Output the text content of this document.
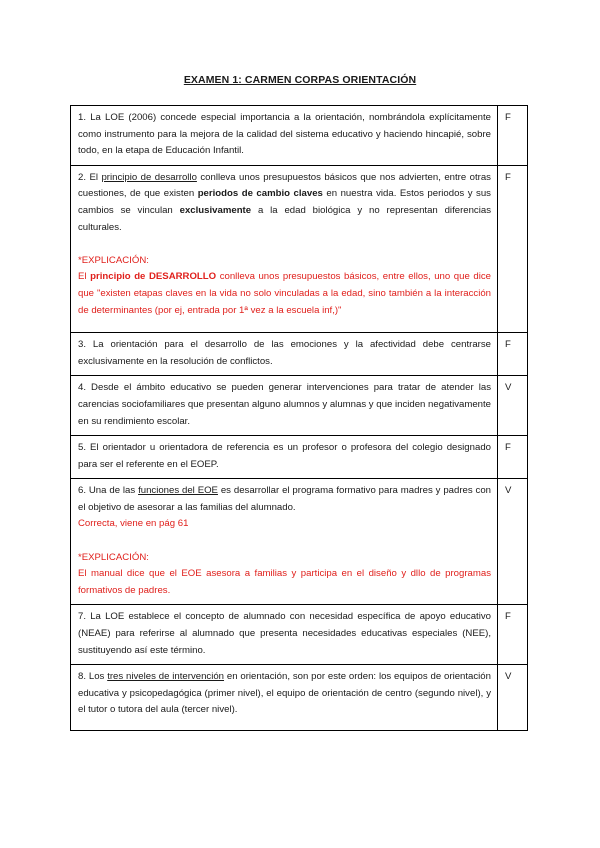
EXAMEN 1: CARMEN CORPAS ORIENTACIÓN
1. La LOE (2006) concede especial importancia a la orientación, nombrándola explícitamente como instrumento para la mejora de la calidad del sistema educativo y haciendo hincapié, sobre todo, en la etapa de Educación Infantil.	F
2. El principio de desarrollo conlleva unos presupuestos básicos que nos advierten, entre otras cuestiones, de que existen periodos de cambio claves en nuestra vida. Estos periodos y sus cambios se vinculan exclusivamente a la edad biológica y no representan diferencias culturales.
*EXPLICACIÓN:
El principio de DESARROLLO conlleva unos presupuestos básicos, entre ellos, uno que dice que "existen etapas claves en la vida no solo vinculadas a la edad, sino también a la interacción de determinantes (por ej, entrada por 1ª vez a la escuela inf,)"	F
3. La orientación para el desarrollo de las emociones y la afectividad debe centrarse exclusivamente en la resolución de conflictos.	F
4. Desde el ámbito educativo se pueden generar intervenciones para tratar de atender las carencias sociofamiliares que presentan alguno alumnos y alumnas y que inciden negativamente en su rendimiento escolar.	V
5. El orientador u orientadora de referencia es un profesor o profesora del colegio designado para ser el referente en el EOEP.	F
6. Una de las funciones del EOE es desarrollar el programa formativo para madres y padres con el objetivo de asesorar a las familias del alumnado.
Correcta, viene en pág 61
*EXPLICACIÓN:
El manual dice que el EOE asesora a familias y participa en el diseño y dllo de programas formativos de padres.	V
7. La LOE establece el concepto de alumnado con necesidad específica de apoyo educativo (NEAE) para referirse al alumnado que presenta necesidades educativas especiales (NEE), sustituyendo así este término.	F
8. Los tres niveles de intervención en orientación, son por este orden: los equipos de orientación educativa y psicopedagógica (primer nivel), el equipo de orientación de centro (segundo nivel), y el tutor o tutora del aula (tercer nivel).	V
